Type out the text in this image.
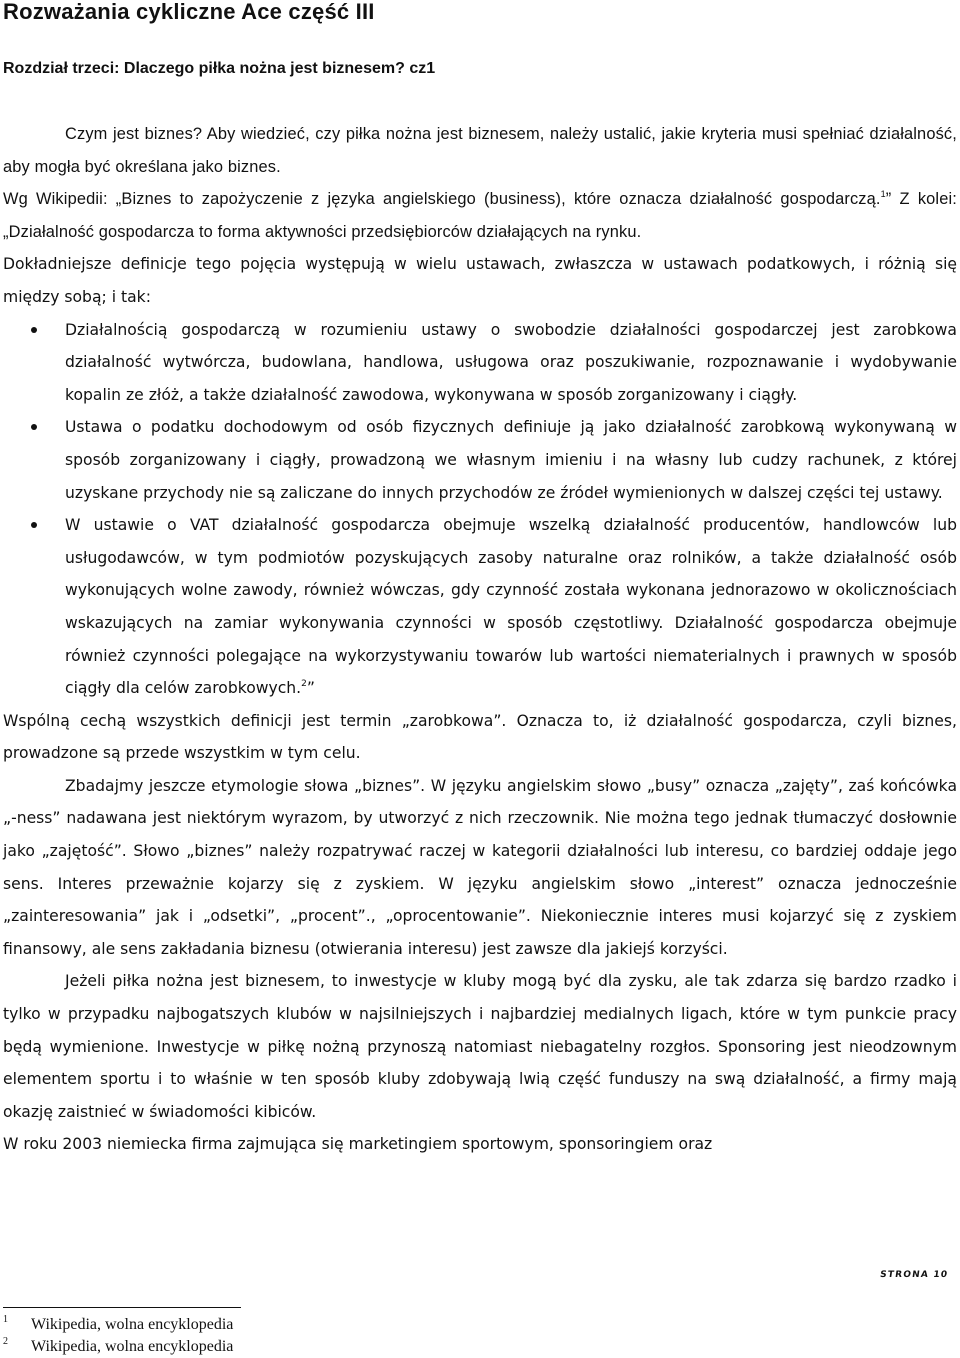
Rozważania cykliczne Ace część III
Rozdział trzeci: Dlaczego piłka nożna jest biznesem? cz1

Czym jest biznes? Aby wiedzieć, czy piłka nożna jest biznesem, należy ustalić, jakie kryteria musi spełniać działalność, aby mogła być określana jako biznes.

Wg Wikipedii: „Biznes to zapożyczenie z języka angielskiego (business), które oznacza działalność gospodarczą.$^1$” Z kolei: „Działalność gospodarcza to forma aktywności przedsiębiorców działających na rynku.

Dokładniejsze definicje tego pojęcia występują w wielu ustawach, zwłaszcza w ustawach podatkowych, i różnią się między sobą; i tak:

Działalnością gospodarczą w rozumieniu ustawy o swobodzie działalności gospodarczej jest zarobkowa działalność wytwórcza, budowlana, handlowa, usługowa oraz poszukiwanie, rozpoznawanie i wydobywanie kopalin ze złóż, a także działalność zawodowa, wykonywana w sposób zorganizowany i ciągły.
Ustawa o podatku dochodowym od osób fizycznych definiuje ją jako działalność zarobkową wykonywaną w sposób zorganizowany i ciągły, prowadzoną we własnym imieniu i na własny lub cudzy rachunek, z której uzyskane przychody nie są zaliczane do innych przychodów ze źródeł wymienionych w dalszej części tej ustawy.
W ustawie o VAT działalność gospodarcza obejmuje wszelką działalność producentów, handlowców lub usługodawców, w tym podmiotów pozyskujących zasoby naturalne oraz rolników, a także działalność osób wykonujących wolne zawody, również wówczas, gdy czynność została wykonana jednorazowo w okolicznościach wskazujących na zamiar wykonywania czynności w sposób częstotliwy. Działalność gospodarcza obejmuje również czynności polegające na wykorzystywaniu towarów lub wartości niematerialnych i prawnych w sposób ciągły dla celów zarobkowych.$^2$”

Wspólną cechą wszystkich definicji jest termin „zarobkowa”. Oznacza to, iż działalność gospodarcza, czyli biznes, prowadzone są przede wszystkim w tym celu.

Zbadajmy jeszcze etymologie słowa „biznes”. W języku angielskim słowo „busy” oznacza „zajęty”, zaś końcówka „-ness” nadawana jest niektórym wyrazom, by utworzyć z nich rzeczownik. Nie można tego jednak tłumaczyć dosłownie jako „zajętość”. Słowo „biznes” należy rozpatrywać raczej w kategorii działalności lub interesu, co bardziej oddaje jego sens. Interes przeważnie kojarzy się z zyskiem. W języku angielskim słowo „interest” oznacza jednocześnie „zainteresowania” jak i „odsetki”, „procent”., „oprocentowanie”. Niekoniecznie interes musi kojarzyć się z zyskiem finansowy, ale sens zakładania biznesu (otwierania interesu) jest zawsze dla jakiejś korzyści.

Jeżeli piłka nożna jest biznesem, to inwestycje w kluby mogą być dla zysku, ale tak zdarza się bardzo rzadko i tylko w przypadku najbogatszych klubów w najsilniejszych i najbardziej medialnych ligach, które w tym punkcie pracy będą wymienione. Inwestycje w piłkę nożną przynoszą natomiast niebagatelny rozgłos. Sponsoring jest nieodzownym elementem sportu i to właśnie w ten sposób kluby zdobywają lwią część funduszy na swą działalność, a firmy mają okazję zaistnieć w świadomości kibiców.

W roku 2003 niemiecka firma zajmująca się marketingiem sportowym, sponsoringiem oraz

STRONA 10
1 Wikipedia, wolna encyklopedia
2 Wikipedia, wolna encyklopedia
